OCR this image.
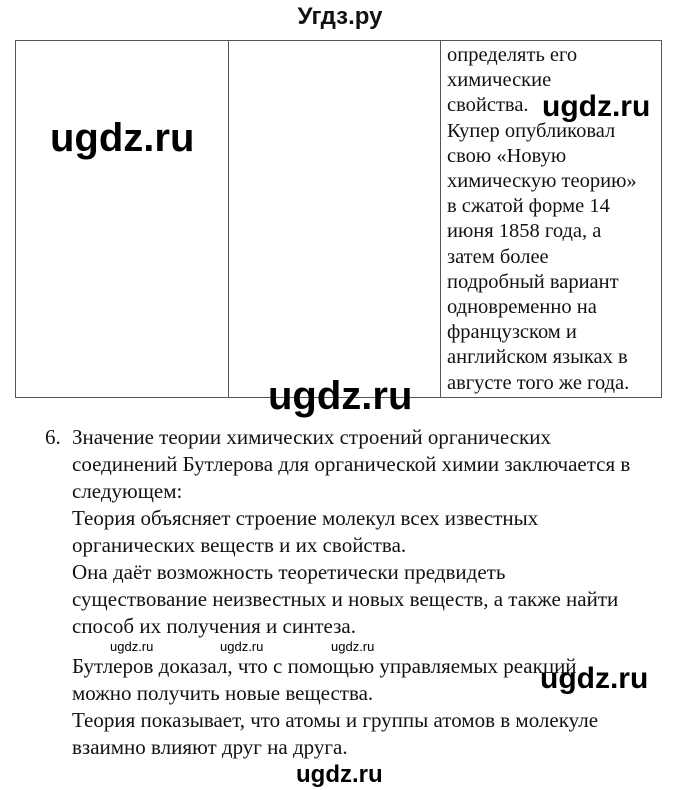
Угдз.ру
определять его
химические
свойства.
Купер опубликовал
свою «Новую
химическую теорию»
в сжатой форме 14
июня 1858 года, а
затем более
подробный вариант
одновременно на
французском и
английском языках в
августе того же года.
6. Значение теории химических строений органических
соединений Бутлерова для органической химии заключается в
следующем:
Теория объясняет строение молекул всех известных
органических веществ и их свойства.
Она даёт возможность теоретически предвидеть
существование неизвестных и новых веществ, а также найти
способ их получения и синтеза.
Бутлеров доказал, что с помощью управляемых реакций
можно получить новые вещества.
Теория показывает, что атомы и группы атомов в молекуле
взаимно влияют друг на друга.
ugdz.ru
ugdz.ru
ugdz.ru
ugdz.ru	ugdz.ru	ugdz.ru
ugdz.ru
ugdz.ru
